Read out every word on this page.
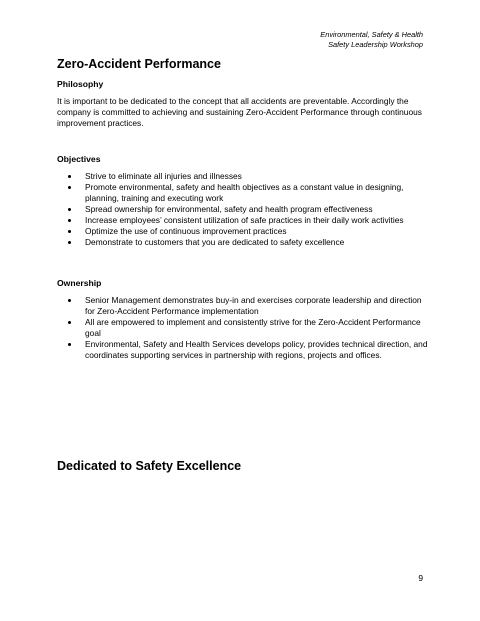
Environmental, Safety & Health
Safety Leadership Workshop
Zero-Accident Performance
Philosophy

It is important to be dedicated to the concept that all accidents are preventable. Accordingly the company is committed to achieving and sustaining Zero-Accident Performance through continuous improvement practices.

Objectives
Strive to eliminate all injuries and illnesses
Promote environmental, safety and health objectives as a constant value in designing, planning, training and executing work
Spread ownership for environmental, safety and health program effectiveness
Increase employees’ consistent utilization of safe practices in their daily work activities
Optimize the use of continuous improvement practices
Demonstrate to customers that you are dedicated to safety excellence
Ownership
Senior Management demonstrates buy-in and exercises corporate leadership and direction for Zero-Accident Performance implementation
All are empowered to implement and consistently strive for the Zero-Accident Performance goal
Environmental, Safety and Health Services develops policy, provides technical direction, and coordinates supporting services in partnership with regions, projects and offices.
Dedicated to Safety Excellence
9
